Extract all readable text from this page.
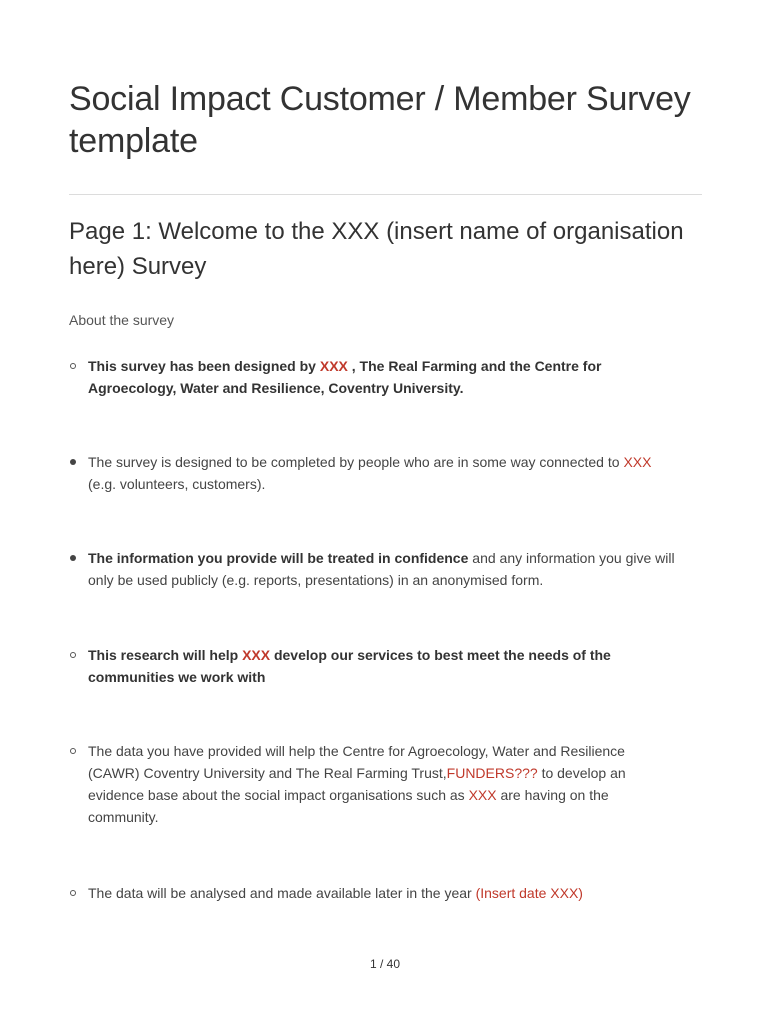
Social Impact Customer / Member Survey template
Page 1: Welcome to the XXX (insert name of organisation here) Survey

About the survey

This survey has been designed by XXX , The Real Farming and the Centre for Agroecology, Water and Resilience, Coventry University.
The survey is designed to be completed by people who are in some way connected to XXX (e.g. volunteers, customers).
The information you provide will be treated in confidence and any information you give will only be used publicly (e.g. reports, presentations) in an anonymised form.
This research will help XXX develop our services to best meet the needs of the communities we work with
The data you have provided will help the Centre for Agroecology, Water and Resilience (CAWR) Coventry University and The Real Farming Trust,FUNDERS??? to develop an evidence base about the social impact organisations such as XXX are having on the community.
The data will be analysed and made available later in the year (Insert date XXX)
1 / 40
